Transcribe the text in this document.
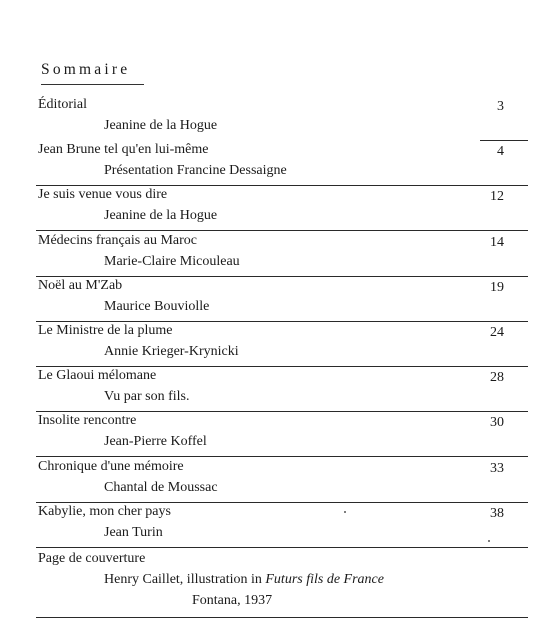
Sommaire
Éditorial
Jeanine de la Hogue
3
Jean Brune tel qu'en lui-même
Présentation Francine Dessaigne
4
Je suis venue vous dire
Jeanine de la Hogue
12
Médecins français au Maroc
Marie-Claire Micouleau
14
Noël au M'Zab
Maurice Bouviolle
19
Le Ministre de la plume
Annie Krieger-Krynicki
24
Le Glaoui mélomane
Vu par son fils.
28
Insolite rencontre
Jean-Pierre Koffel
30
Chronique d'une mémoire
Chantal de Moussac
33
Kabylie, mon cher pays
Jean Turin
38
Page de couverture
Henry Caillet, illustration in Futurs fils de France
Fontana, 1937
